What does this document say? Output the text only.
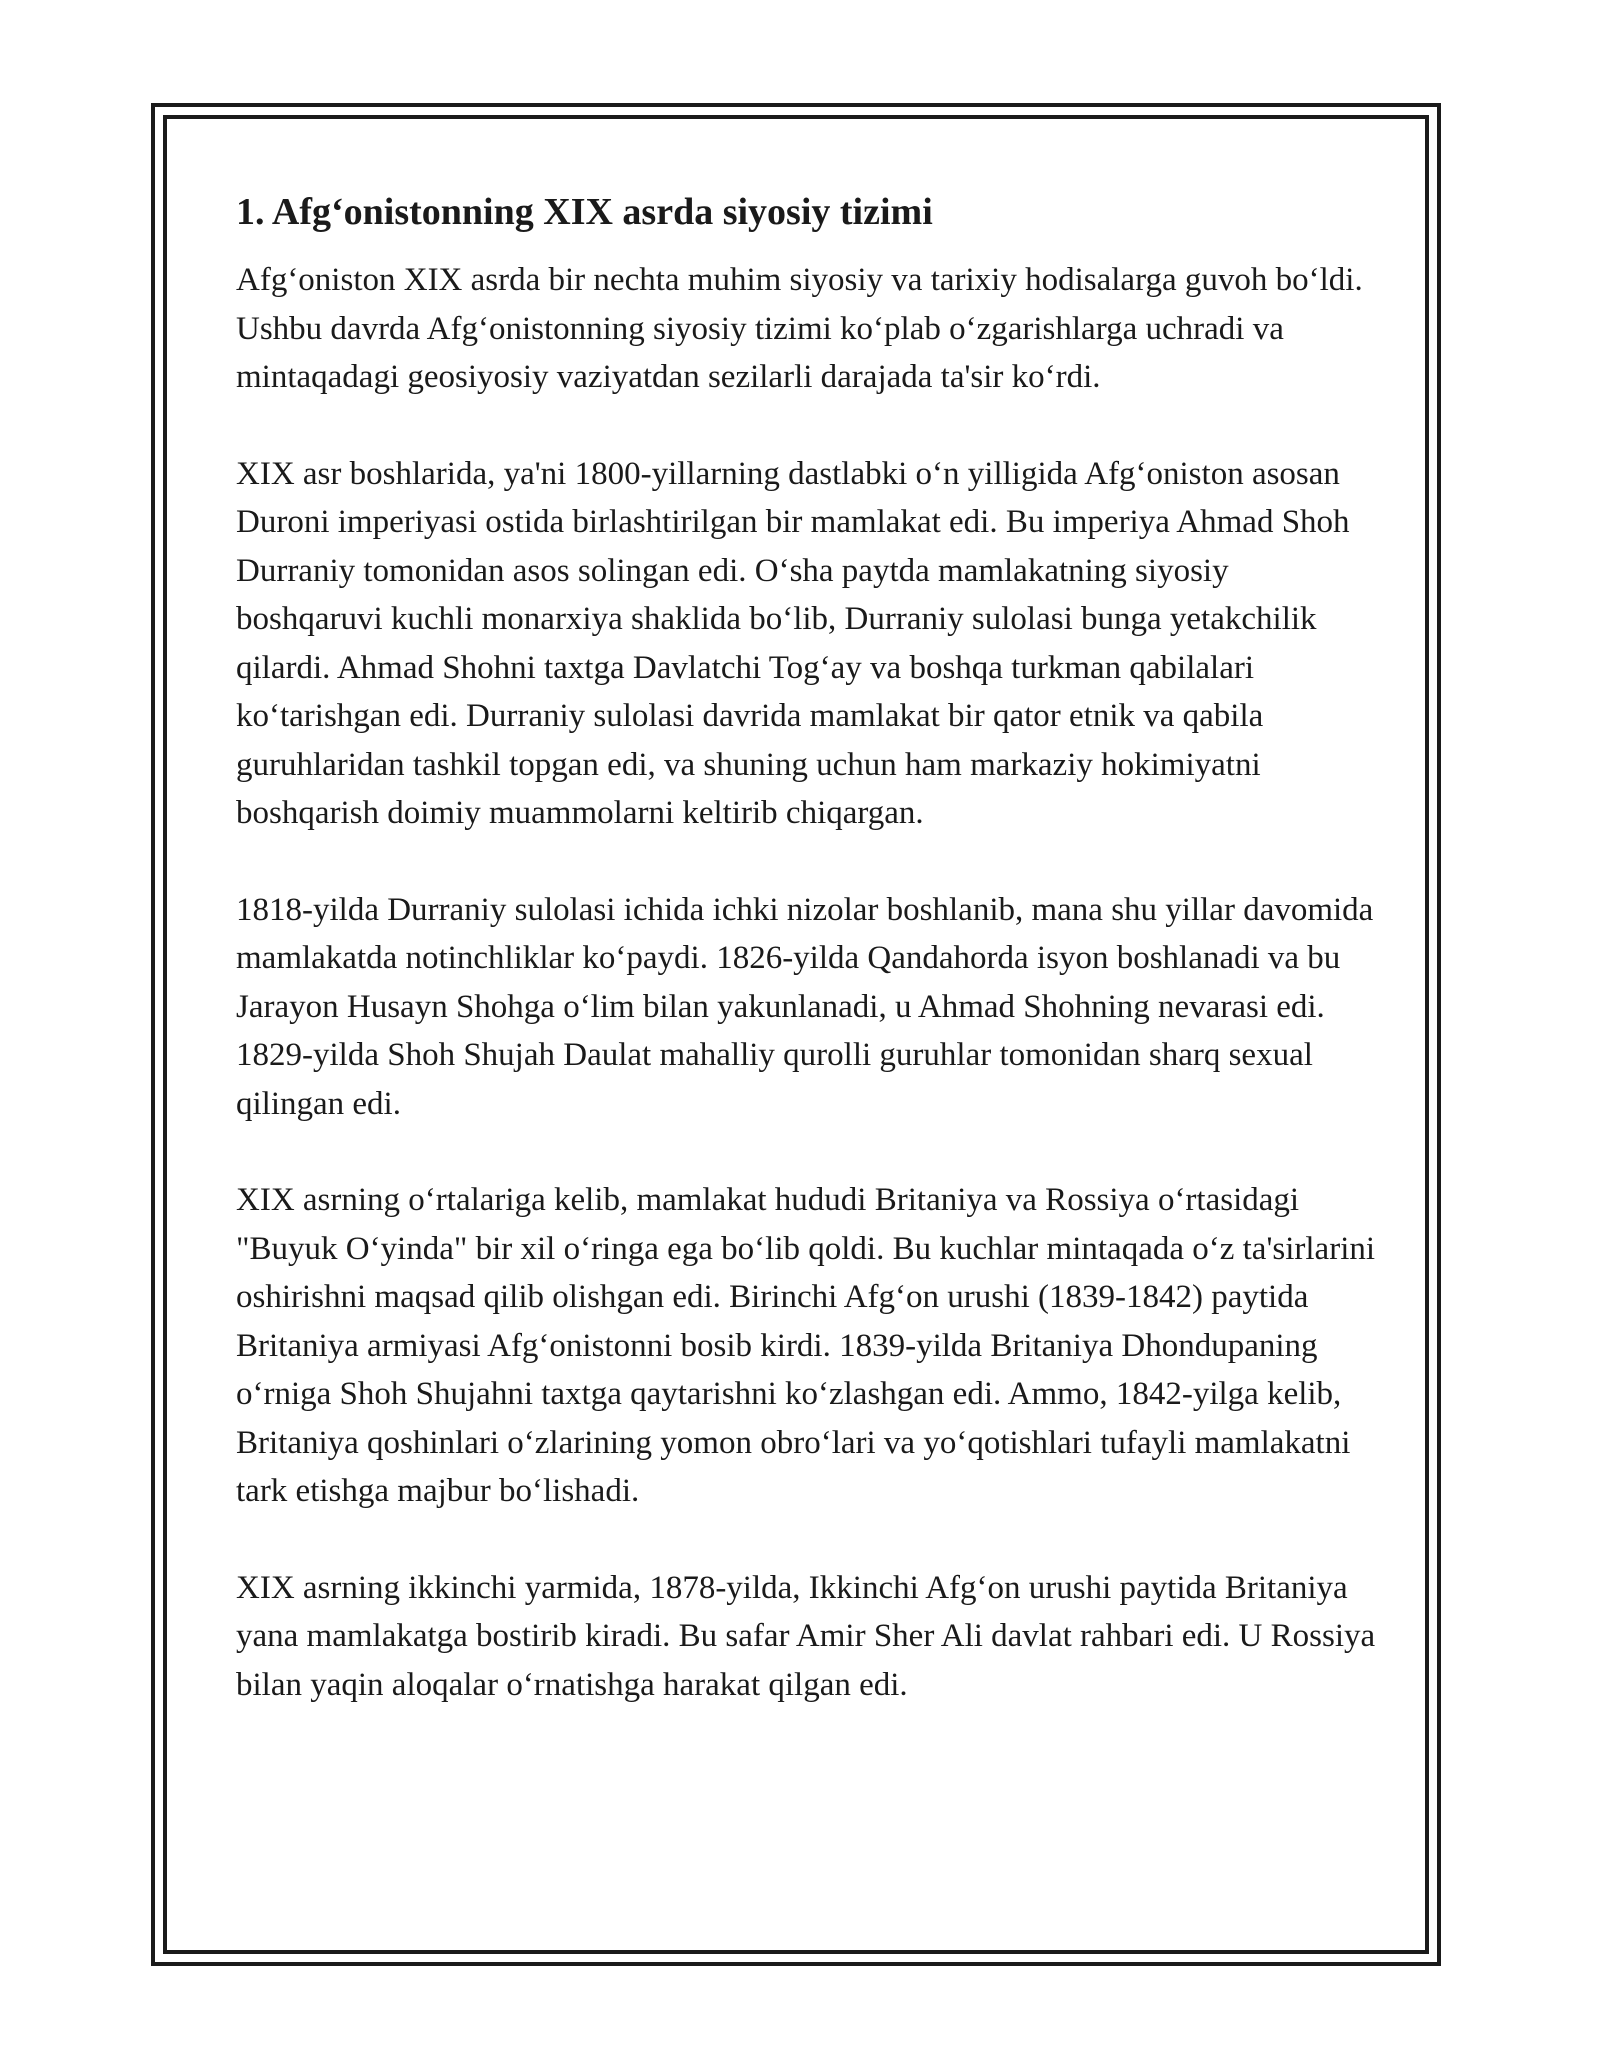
1. Afg‘onistonning XIX asrda siyosiy tizimi

Afg‘oniston XIX asrda bir nechta muhim siyosiy va tarixiy hodisalarga guvoh bo‘ldi. Ushbu davrda Afg‘onistonning siyosiy tizimi ko‘plab o‘zgarishlarga uchradi va mintaqadagi geosiyosiy vaziyatdan sezilarli darajada ta'sir ko‘rdi.

XIX asr boshlarida, ya'ni 1800-yillarning dastlabki o‘n yilligida Afg‘oniston asosan Duroni imperiyasi ostida birlashtirilgan bir mamlakat edi. Bu imperiya Ahmad Shoh Durraniy tomonidan asos solingan edi. O‘sha paytda mamlakatning siyosiy boshqaruvi kuchli monarxiya shaklida bo‘lib, Durraniy sulolasi bunga yetakchilik qilardi. Ahmad Shohni taxtga Davlatchi Tog‘ay va boshqa turkman qabilalari ko‘tarishgan edi. Durraniy sulolasi davrida mamlakat bir qator etnik va qabila guruhlaridan tashkil topgan edi, va shuning uchun ham markaziy hokimiyatni boshqarish doimiy muammolarni keltirib chiqargan.

1818-yilda Durraniy sulolasi ichida ichki nizolar boshlanib, mana shu yillar davomida mamlakatda notinchliklar ko‘paydi. 1826-yilda Qandahorda isyon boshlanadi va bu Jarayon Husayn Shohga o‘lim bilan yakunlanadi, u Ahmad Shohning nevarasi edi. 1829-yilda Shoh Shujah Daulat mahalliy qurolli guruhlar tomonidan sharq sexual qilingan edi.

XIX asrning o‘rtalariga kelib, mamlakat hududi Britaniya va Rossiya o‘rtasidagi "Buyuk O‘yinda" bir xil o‘ringa ega bo‘lib qoldi. Bu kuchlar mintaqada o‘z ta'sirlarini oshirishni maqsad qilib olishgan edi. Birinchi Afg‘on urushi (1839-1842) paytida Britaniya armiyasi Afg‘onistonni bosib kirdi. 1839-yilda Britaniya Dhondupaning o‘rniga Shoh Shujahni taxtga qaytarishni ko‘zlashgan edi. Ammo, 1842-yilga kelib, Britaniya qoshinlari o‘zlarining yomon obro‘lari va yo‘qotishlari tufayli mamlakatni tark etishga majbur bo‘lishadi.

XIX asrning ikkinchi yarmida, 1878-yilda, Ikkinchi Afg‘on urushi paytida Britaniya yana mamlakatga bostirib kiradi. Bu safar Amir Sher Ali davlat rahbari edi. U Rossiya bilan yaqin aloqalar o‘rnatishga harakat qilgan edi.
